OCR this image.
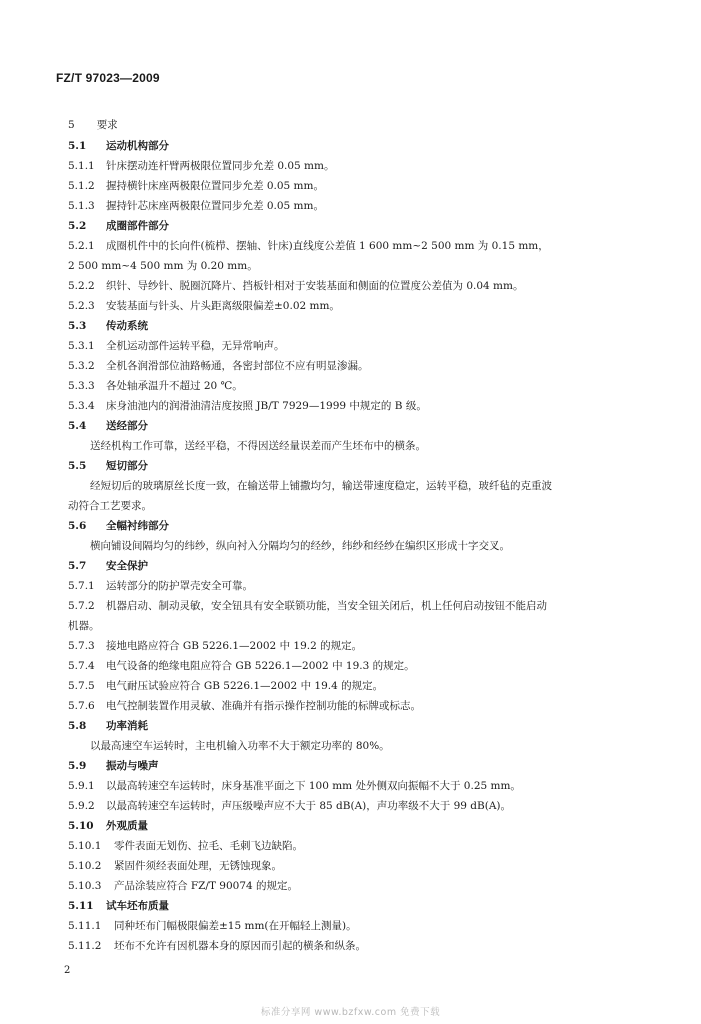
FZ/T 97023—2009
5 要求
5.1	运动机构部分
5.1.1	针床摆动连杆臂两极限位置同步允差 0.05 mm。
5.1.2	握持横针床座两极限位置同步允差 0.05 mm。
5.1.3	握持针芯床座两极限位置同步允差 0.05 mm。
5.2	成圈部件部分
5.2.1	成圈机件中的长向件(梳栉、摆轴、针床)直线度公差值 1 600 mm~2 500 mm 为 0.15 mm，
2 500 mm~4 500 mm 为 0.20 mm。
5.2.2	织针、导纱针、脱圈沉降片、挡板针相对于安装基面和侧面的位置度公差值为 0.04 mm。
5.2.3	安装基面与针头、片头距离级限偏差±0.02 mm。
5.3	传动系统
5.3.1	全机运动部件运转平稳，无异常响声。
5.3.2	全机各润滑部位油路畅通，各密封部位不应有明显渗漏。
5.3.3	各处轴承温升不超过 20 ℃。
5.3.4	床身油池内的润滑油清洁度按照 JB/T 7929—1999 中规定的 B 级。
5.4	送经部分
送经机构工作可靠，送经平稳，不得因送经量误差而产生坯布中的横条。
5.5	短切部分
经短切后的玻璃原丝长度一致，在输送带上铺撒均匀，输送带速度稳定，运转平稳，玻纤毡的克重波
动符合工艺要求。
5.6	全幅衬纬部分
横向铺设间隔均匀的纬纱，纵向衬入分隔均匀的经纱，纬纱和经纱在编织区形成十字交叉。
5.7	安全保护
5.7.1	运转部分的防护罩壳安全可靠。
5.7.2	机器启动、制动灵敏，安全钮具有安全联锁功能，当安全钮关闭后，机上任何启动按钮不能启动
机器。
5.7.3	接地电路应符合 GB 5226.1—2002 中 19.2 的规定。
5.7.4	电气设备的绝缘电阻应符合 GB 5226.1—2002 中 19.3 的规定。
5.7.5	电气耐压试验应符合 GB 5226.1—2002 中 19.4 的规定。
5.7.6	电气控制装置作用灵敏、准确并有指示操作控制功能的标牌或标志。
5.8	功率消耗
以最高速空车运转时，主电机输入功率不大于额定功率的 80%。
5.9	振动与噪声
5.9.1	以最高转速空车运转时，床身基准平面之下 100 mm 处外侧双向振幅不大于 0.25 mm。
5.9.2	以最高转速空车运转时，声压级噪声应不大于 85 dB(A)，声功率级不大于 99 dB(A)。
5.10	外观质量
5.10.1	零件表面无划伤、拉毛、毛刺飞边缺陷。
5.10.2	紧固件须经表面处理，无锈蚀现象。
5.10.3	产品涂装应符合 FZ/T 90074 的规定。
5.11	试车坯布质量
5.11.1	同种坯布门幅极限偏差±15 mm(在开幅轻上测量)。
5.11.2	坯布不允许有因机器本身的原因而引起的横条和纵条。
2
标准分享网 www.bzfxw.com 免费下载
